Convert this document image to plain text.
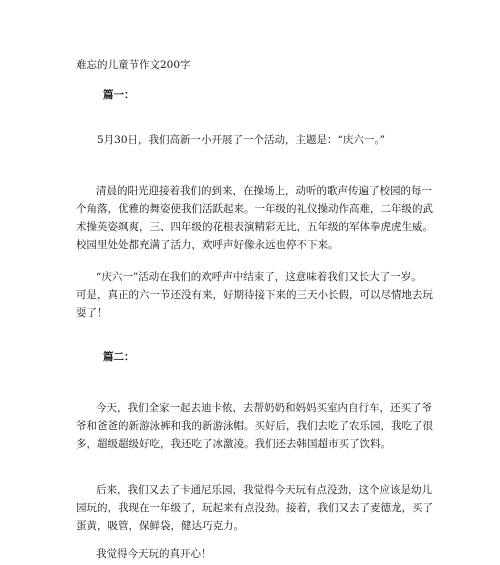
难忘的儿童节作文200字
篇一：
5月30日，我们高新一小开展了一个活动，主题是：“庆六一。”
清晨的阳光迎接着我们的到来，在操场上，动听的歌声传遍了校园的每一
个角落，优雅的舞姿使我们活跃起来。一年级的礼仪操动作高难，二年级的武
术操英姿飒爽，三、四年级的花根表演精彩无比，五年级的军体拳虎虎生威。
校园里处处都充满了活力，欢呼声好像永远也停不下来。
“庆六一”活动在我们的欢呼声中结束了，这意味着我们又长大了一岁。
可是，真正的六一节还没有来，好期待接下来的三天小长假，可以尽情地去玩
耍了！
篇二：
今天，我们全家一起去迪卡侬，去帮奶奶和妈妈买室内自行车，还买了爷
爷和爸爸的新游泳裤和我的新游泳帽。买好后，我们去吃了农乐园，我吃了很
多，超级超级好吃，我还吃了冰激凌。我们还去韩国超市买了饮料。
后来，我们又去了卡通尼乐园，我觉得今天玩有点没劲，这个应该是幼儿
园玩的，我现在一年级了，玩起来有点没劲。接着，我们又去了麦德龙，买了
蛋黄，吸管，保鲜袋，健达巧克力。
我觉得今天玩的真开心！
